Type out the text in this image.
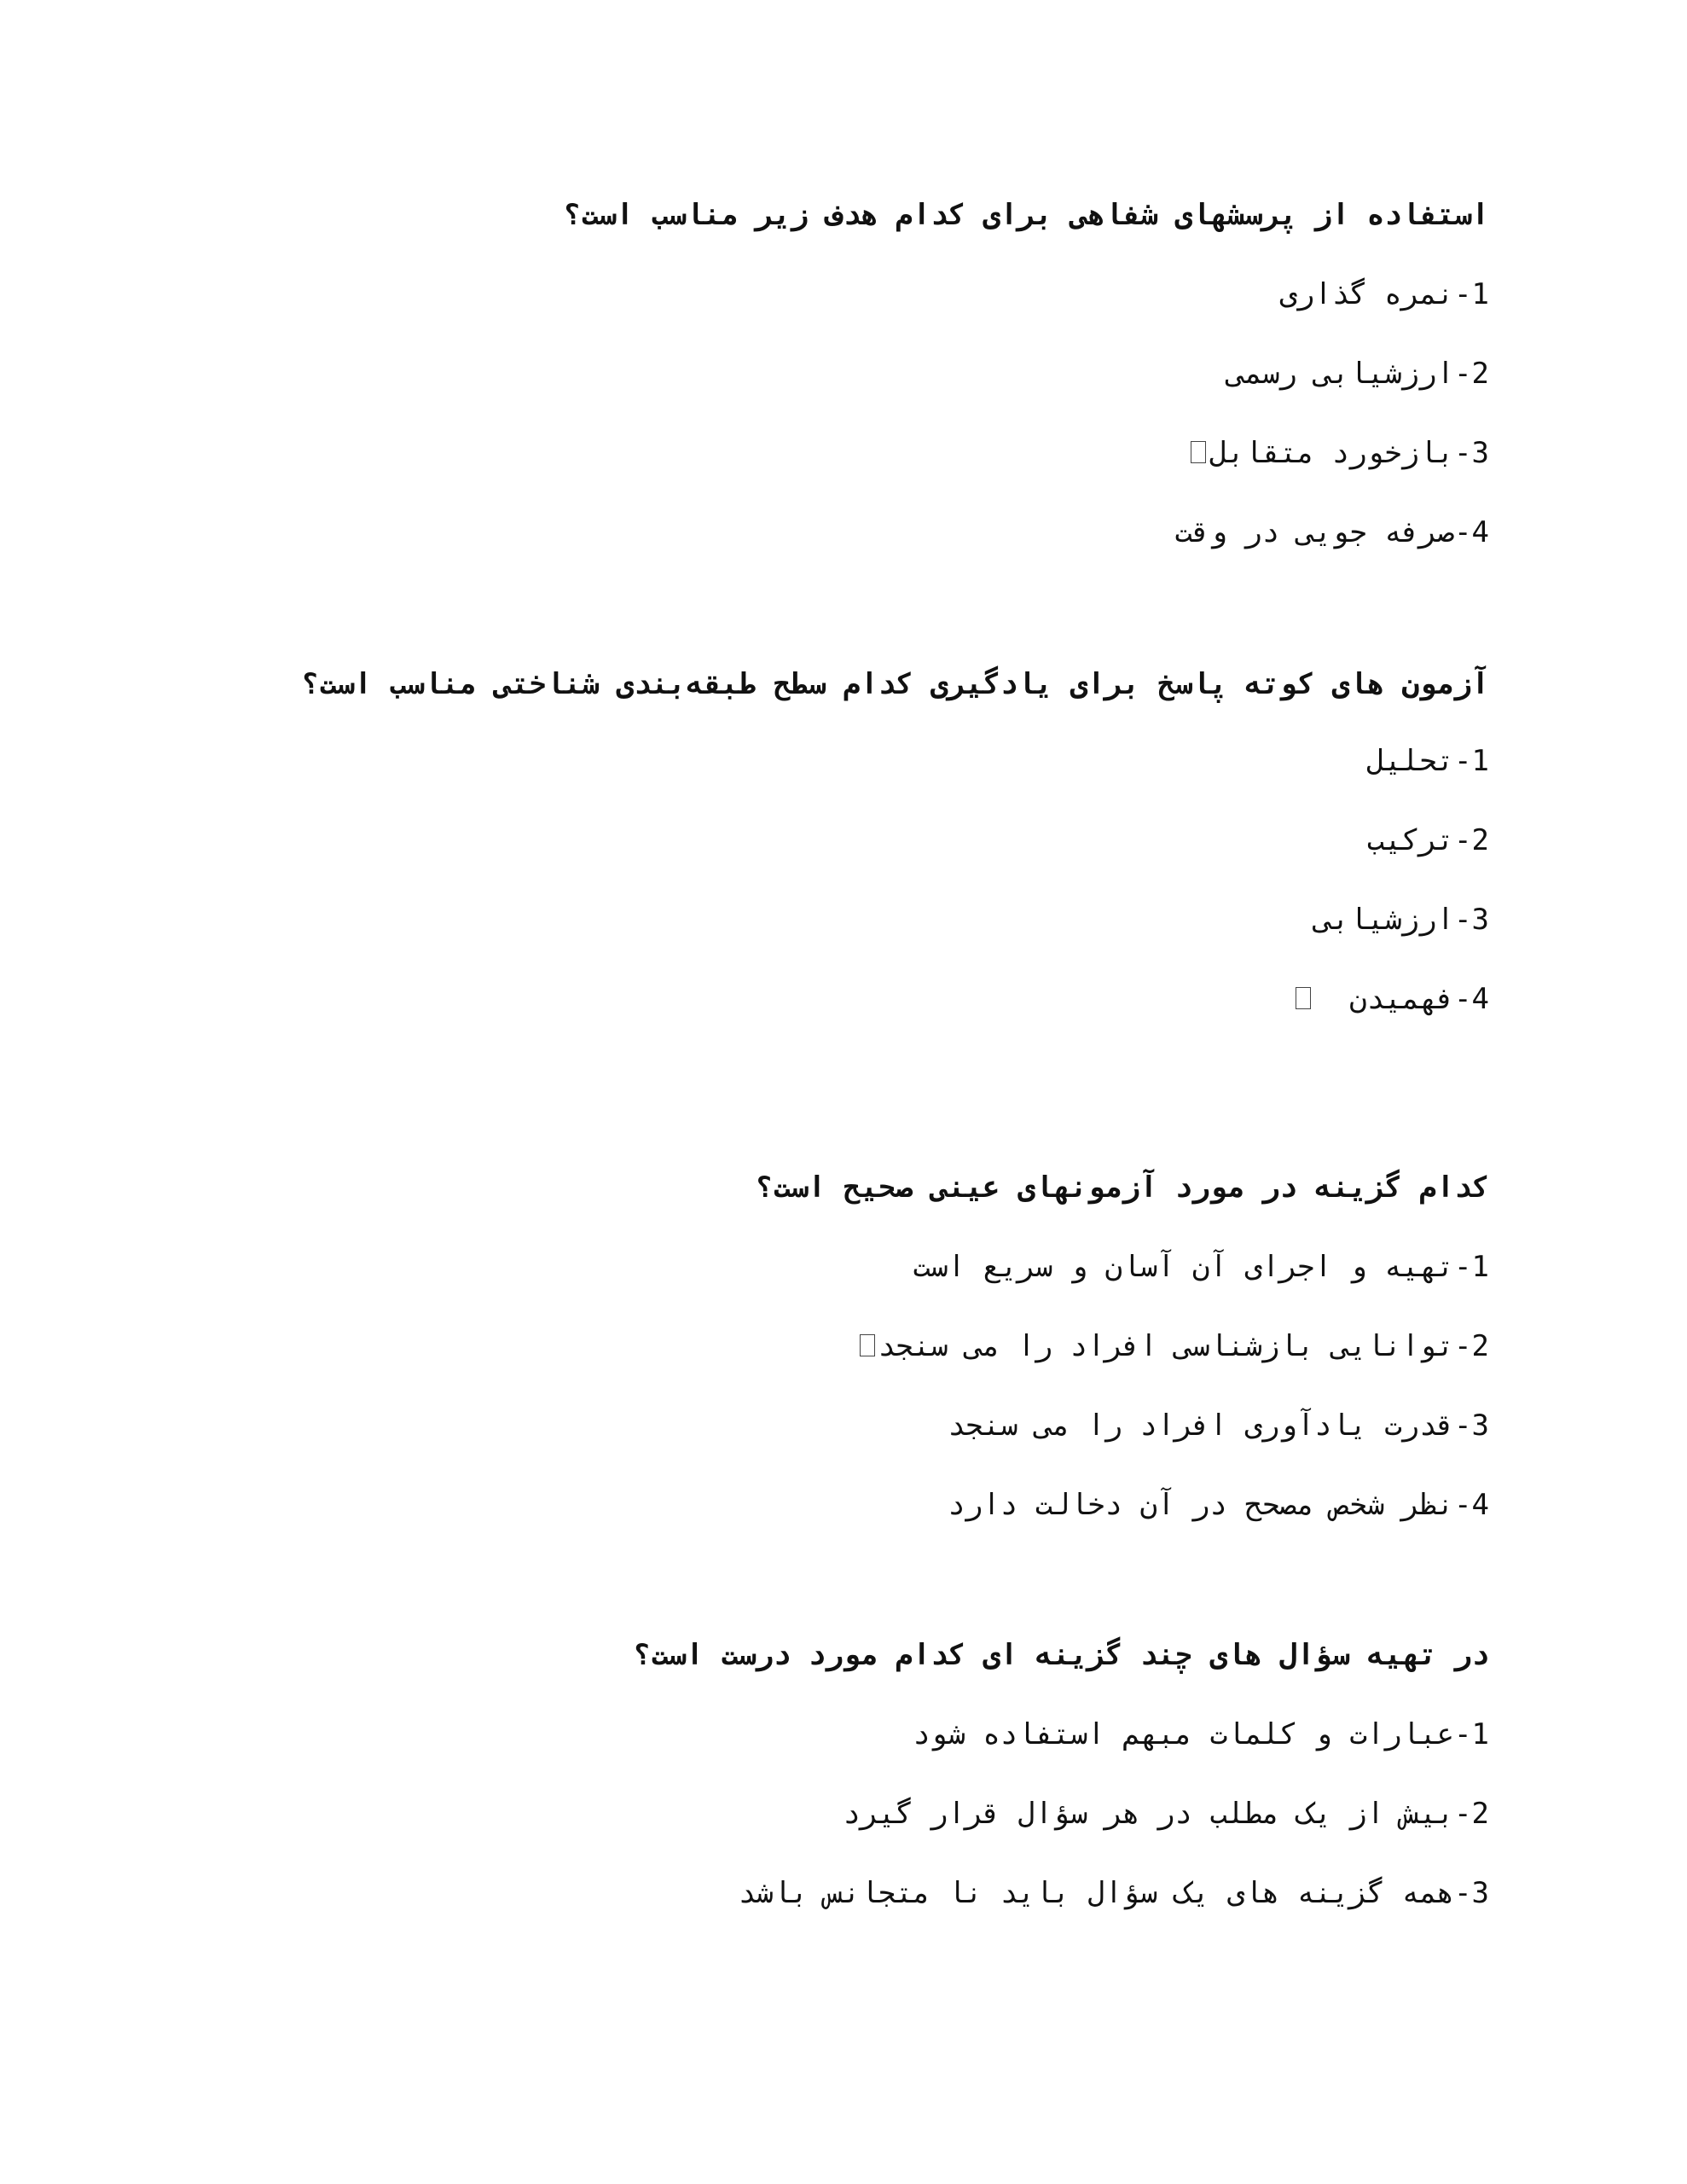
استفاده از پرسشهای شفاهی برای کدام هدف زیر مناسب است؟

1-نمره گذاری
2-ارزشیابی رسمی
3-بازخورد متقابل
4-صرفه جویی در وقت

آزمون های کوته پاسخ برای یادگیری کدام سطح طبقه‌بندی شناختی مناسب است؟

1-تحلیل
2-ترکیب
3-ارزشیابی
4-فهمیدن

کدام گزینه در مورد آزمونهای عینی صحیح است؟

1-تهیه و اجرای آن آسان و سریع است
2-توانایی بازشناسی افراد را می سنجد
3-قدرت یادآوری افراد را می سنجد
4-نظر شخص مصحح در آن دخالت دارد

در تهیه سؤال های چند گزینه ای کدام مورد درست است؟

1-عبارات و کلمات مبهم استفاده شود
2-بیش از یک مطلب در هر سؤال قرار گیرد
3-همه گزینه های یک سؤال باید نا متجانس باشد
